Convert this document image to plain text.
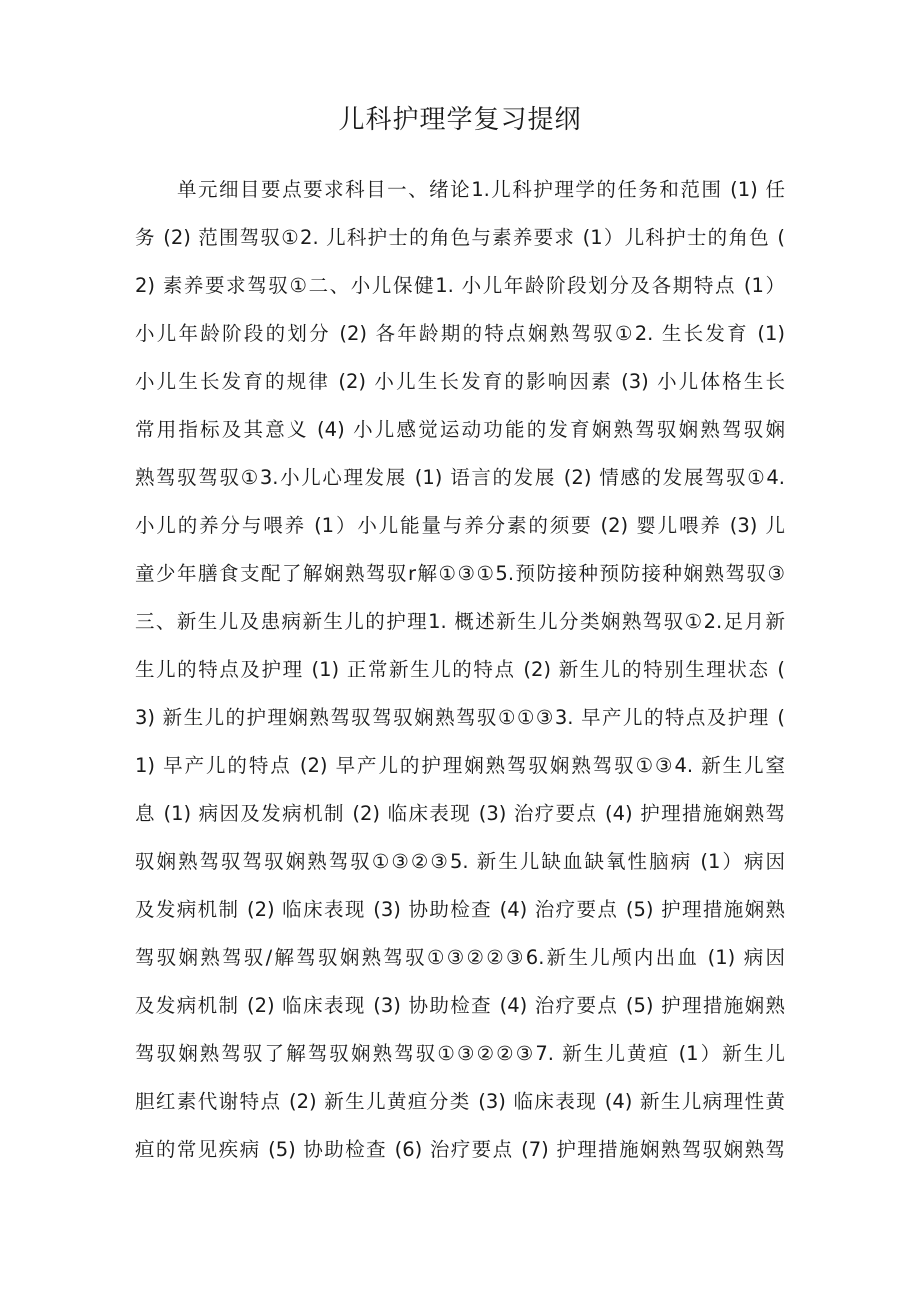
儿科护理学复习提纲
单元细目要点要求科目一、绪论1.儿科护理学的任务和范围 (1) 任
务 (2) 范围驾驭①2. 儿科护士的角色与素养要求 (1）儿科护士的角色 (
2) 素养要求驾驭①二、小儿保健1. 小儿年龄阶段划分及各期特点 (1）
小儿年龄阶段的划分 (2) 各年龄期的特点娴熟驾驭①2. 生长发育 (1)
小儿生长发育的规律 (2) 小儿生长发育的影响因素 (3) 小儿体格生长
常用指标及其意义 (4) 小儿感觉运动功能的发育娴熟驾驭娴熟驾驭娴
熟驾驭驾驭①3.小儿心理发展 (1) 语言的发展 (2) 情感的发展驾驭①4.
小儿的养分与喂养 (1）小儿能量与养分素的须要 (2) 婴儿喂养 (3) 儿
童少年膳食支配了解娴熟驾驭r解①③①5.预防接种预防接种娴熟驾驭③
三、新生儿及患病新生儿的护理1. 概述新生儿分类娴熟驾驭①2.足月新
生儿的特点及护理 (1) 正常新生儿的特点 (2) 新生儿的特别生理状态 (
3) 新生儿的护理娴熟驾驭驾驭娴熟驾驭①①③3. 早产儿的特点及护理 (
1) 早产儿的特点 (2) 早产儿的护理娴熟驾驭娴熟驾驭①③4. 新生儿窒
息 (1) 病因及发病机制 (2) 临床表现 (3) 治疗要点 (4) 护理措施娴熟驾
驭娴熟驾驭驾驭娴熟驾驭①③②③5. 新生儿缺血缺氧性脑病 (1）病因
及发病机制 (2) 临床表现 (3) 协助检查 (4) 治疗要点 (5) 护理措施娴熟
驾驭娴熟驾驭/解驾驭娴熟驾驭①③②②③6.新生儿颅内出血 (1) 病因
及发病机制 (2) 临床表现 (3) 协助检查 (4) 治疗要点 (5) 护理措施娴熟
驾驭娴熟驾驭了解驾驭娴熟驾驭①③②②③7. 新生儿黄疸 (1）新生儿
胆红素代谢特点 (2) 新生儿黄疸分类 (3) 临床表现 (4) 新生儿病理性黄
疸的常见疾病 (5) 协助检查 (6) 治疗要点 (7) 护理措施娴熟驾驭娴熟驾
